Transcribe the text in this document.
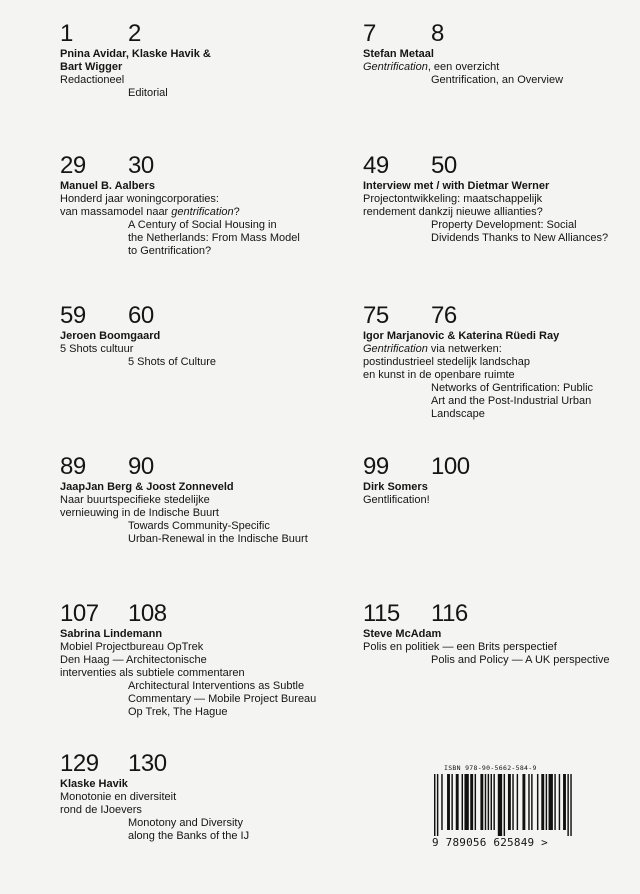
1 2
Pnina Avidar, Klaske Havik &
Bart Wigger
Redactioneel
Editorial
7 8
Stefan Metaal
Gentrification, een overzicht
Gentrification, an Overview
29 30
Manuel B. Aalbers
Honderd jaar woningcorporaties:
van massamodel naar gentrification?
A Century of Social Housing in
the Netherlands: From Mass Model
to Gentrification?
49 50
Interview met / with Dietmar Werner
Projectontwikkeling: maatschappelijk
rendement dankzij nieuwe allianties?
Property Development: Social
Dividends Thanks to New Alliances?
59 60
Jeroen Boomgaard
5 Shots cultuur
5 Shots of Culture
75 76
Igor Marjanovic & Katerina Rüedi Ray
Gentrification via netwerken:
postindustrieel stedelijk landschap
en kunst in de openbare ruimte
Networks of Gentrification: Public
Art and the Post-Industrial Urban
Landscape
89 90
JaapJan Berg & Joost Zonneveld
Naar buurtspecifieke stedelijke
vernieuwing in de Indische Buurt
Towards Community-Specific
Urban-Renewal in the Indische Buurt
99 100
Dirk Somers
Gentlification!
107 108
Sabrina Lindemann
Mobiel Projectbureau OpTrek
Den Haag — Architectonische
interventies als subtiele commentaren
Architectural Interventions as Subtle
Commentary — Mobile Project Bureau
Op Trek, The Hague
115 116
Steve McAdam
Polis en politiek — een Brits perspectief
Polis and Policy — A UK perspective
129 130
Klaske Havik
Monotonie en diversiteit
rond de IJoevers
Monotony and Diversity
along the Banks of the IJ
ISBN 978-90-5662-584-9
9 789056 625849 >
